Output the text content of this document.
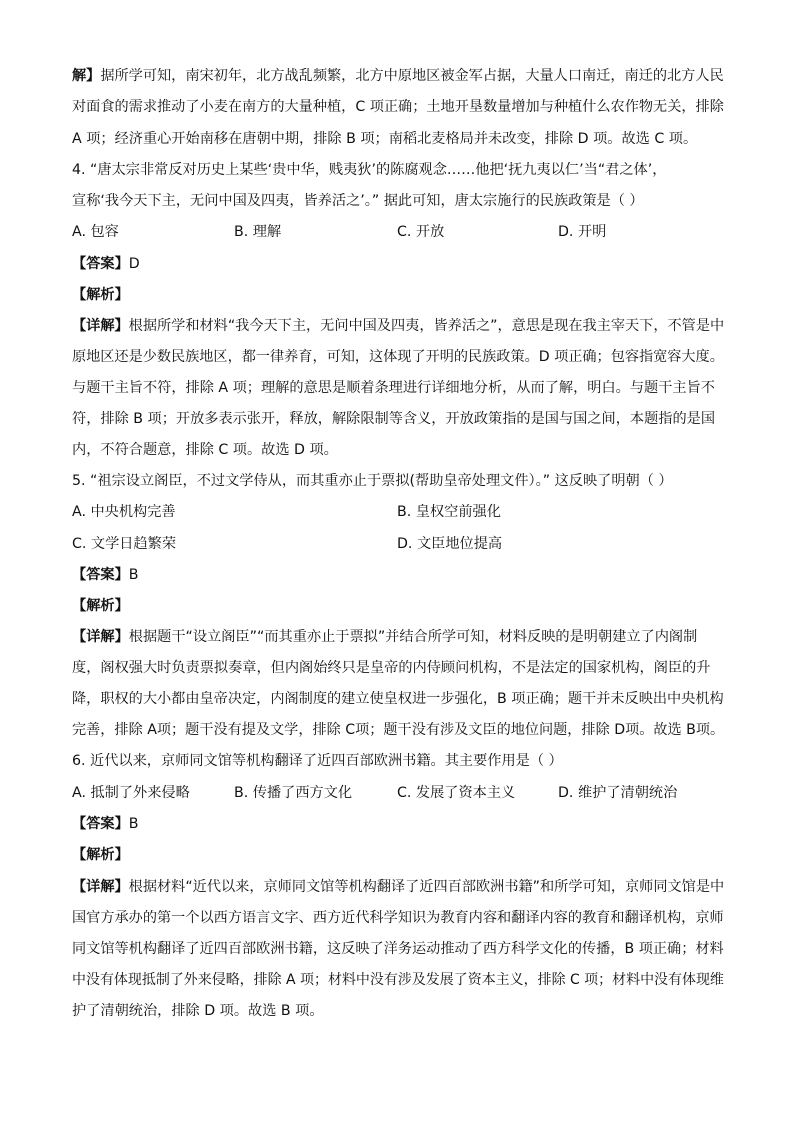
解】据所学可知，南宋初年，北方战乱频繁，北方中原地区被金军占据，大量人口南迁，南迁的北方人民
对面食的需求推动了小麦在南方的大量种植，C 项正确；土地开垦数量增加与种植什么农作物无关，排除
A 项；经济重心开始南移在唐朝中期，排除 B 项；南稻北麦格局并未改变，排除 D 项。故选 C 项。
4. “唐太宗非常反对历史上某些‘贵中华，贱夷狄’的陈腐观念……他把‘抚九夷以仁’当“君之体’，
宣称‘我今天下主，无问中国及四夷，皆养活之’。” 据此可知，唐太宗施行的民族政策是（ ）
A. 包容	B. 理解	C. 开放	D. 开明
【答案】D
【解析】
【详解】根据所学和材料“我今天下主，无问中国及四夷，皆养活之”，意思是现在我主宰天下，不管是中
原地区还是少数民族地区，都一律养育，可知，这体现了开明的民族政策。D 项正确；包容指宽容大度。
与题干主旨不符，排除 A 项；理解的意思是顺着条理进行详细地分析，从而了解，明白。与题干主旨不
符，排除 B 项；开放多表示张开，释放，解除限制等含义，开放政策指的是国与国之间，本题指的是国
内，不符合题意，排除 C 项。故选 D 项。
5. “祖宗设立阁臣，不过文学侍从，而其重亦止于票拟(帮助皇帝处理文件）。” 这反映了明朝（ ）
A. 中央机构完善	B. 皇权空前强化
C. 文学日趋繁荣	D. 文臣地位提高
【答案】B
【解析】
【详解】根据题干“设立阁臣”“而其重亦止于票拟”并结合所学可知，材料反映的是明朝建立了内阁制
度，阁权强大时负责票拟奏章，但内阁始终只是皇帝的内侍顾问机构，不是法定的国家机构，阁臣的升
降，职权的大小都由皇帝决定，内阁制度的建立使皇权进一步强化，B 项正确；题干并未反映出中央机构
完善，排除 A项；题干没有提及文学，排除 C项；题干没有涉及文臣的地位问题，排除 D项。故选 B项。
6. 近代以来，京师同文馆等机构翻译了近四百部欧洲书籍。其主要作用是（ ）
A. 抵制了外来侵略	B. 传播了西方文化	C. 发展了资本主义	D. 维护了清朝统治
【答案】B
【解析】
【详解】根据材料“近代以来，京师同文馆等机构翻译了近四百部欧洲书籍”和所学可知，京师同文馆是中
国官方承办的第一个以西方语言文字、西方近代科学知识为教育内容和翻译内容的教育和翻译机构，京师
同文馆等机构翻译了近四百部欧洲书籍，这反映了洋务运动推动了西方科学文化的传播，B 项正确；材料
中没有体现抵制了外来侵略，排除 A 项；材料中没有涉及发展了资本主义，排除 C 项；材料中没有体现维
护了清朝统治，排除 D 项。故选 B 项。
